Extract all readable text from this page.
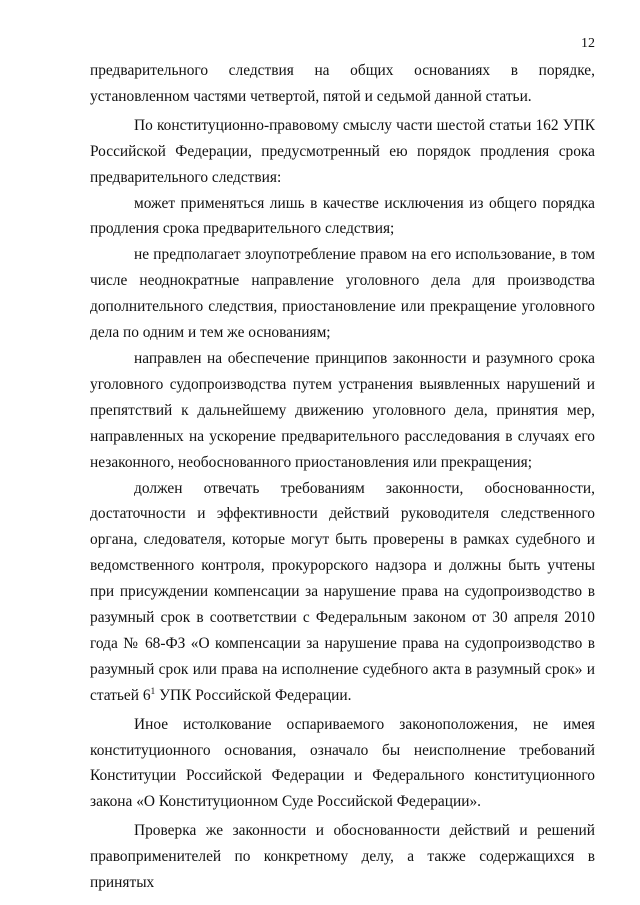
12

предварительного следствия на общих основаниях в порядке, установленном частями четвертой, пятой и седьмой данной статьи.

По конституционно-правовому смыслу части шестой статьи 162 УПК Российской Федерации, предусмотренный ею порядок продления срока предварительного следствия:

может применяться лишь в качестве исключения из общего порядка продления срока предварительного следствия;

не предполагает злоупотребление правом на его использование, в том числе неоднократные направление уголовного дела для производства дополнительного следствия, приостановление или прекращение уголовного дела по одним и тем же основаниям;

направлен на обеспечение принципов законности и разумного срока уголовного судопроизводства путем устранения выявленных нарушений и препятствий к дальнейшему движению уголовного дела, принятия мер, направленных на ускорение предварительного расследования в случаях его незаконного, необоснованного приостановления или прекращения;

должен отвечать требованиям законности, обоснованности, достаточности и эффективности действий руководителя следственного органа, следователя, которые могут быть проверены в рамках судебного и ведомственного контроля, прокурорского надзора и должны быть учтены при присуждении компенсации за нарушение права на судопроизводство в разумный срок в соответствии с Федеральным законом от 30 апреля 2010 года № 68-ФЗ «О компенсации за нарушение права на судопроизводство в разумный срок или права на исполнение судебного акта в разумный срок» и статьей $6^1$ УПК Российской Федерации.

Иное истолкование оспариваемого законоположения, не имея конституционного основания, означало бы неисполнение требований Конституции Российской Федерации и Федерального конституционного закона «О Конституционном Суде Российской Федерации».

Проверка же законности и обоснованности действий и решений правоприменителей по конкретному делу, а также содержащихся в принятых
